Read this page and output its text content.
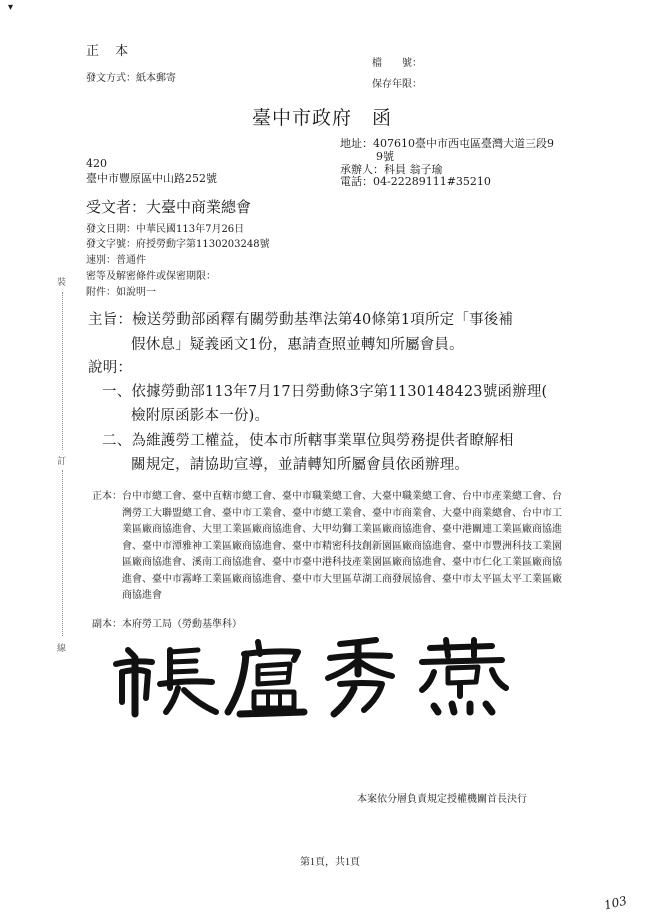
▾
正 本
發文方式：紙本郵寄
檔　　號：
保存年限：
臺中市政府　函
地址：407610臺中市西屯區臺灣大道三段9
9號
承辦人：科員 翁子瑜
電話：04-22289111#35210
420
臺中市豐原區中山路252號
受文者：大臺中商業總會
發文日期：中華民國113年7月26日
發文字號：府授勞動字第1130203248號
速別：普通件
密等及解密條件或保密期限：
附件：如說明一
裝
訂
線
主旨：檢送勞動部函釋有關勞動基準法第40條第1項所定「事後補
假休息」疑義函文1份，惠請查照並轉知所屬會員。
說明：
一、依據勞動部113年7月17日勞動條3字第1130148423號函辦理(
檢附原函影本一份)。
二、為維護勞工權益，使本市所轄事業單位與勞務提供者瞭解相
關規定，請協助宣導，並請轉知所屬會員依函辦理。
正本： 台中市總工會、臺中直轄市總工會、臺中市職業總工會、大臺中職業總工會、台中市產業總工會、台灣勞工大聯盟總工會、臺中市工業會、臺中市總工業會、臺中市商業會、大臺中商業總會、台中市工業區廠商協進會、大里工業區廠商協進會、大甲幼獅工業區廠商協進會、臺中港關連工業區廠商協進會、臺中市潭雅神工業區廠商協進會、臺中市精密科技創新園區廠商協進會、臺中市豐洲科技工業園區廠商協進會、溪南工商協進會、臺中市臺中港科技產業園區廠商協進會、臺中市仁化工業區廠商協進會、臺中市霧峰工業區廠商協進會、臺中市大里區草湖工商發展協會、臺中市太平區太平工業區廠商協進會
副本：本府勞工局（勞動基準科）
本案依分層負責規定授權機關首長決行
第1頁，共1頁
103
